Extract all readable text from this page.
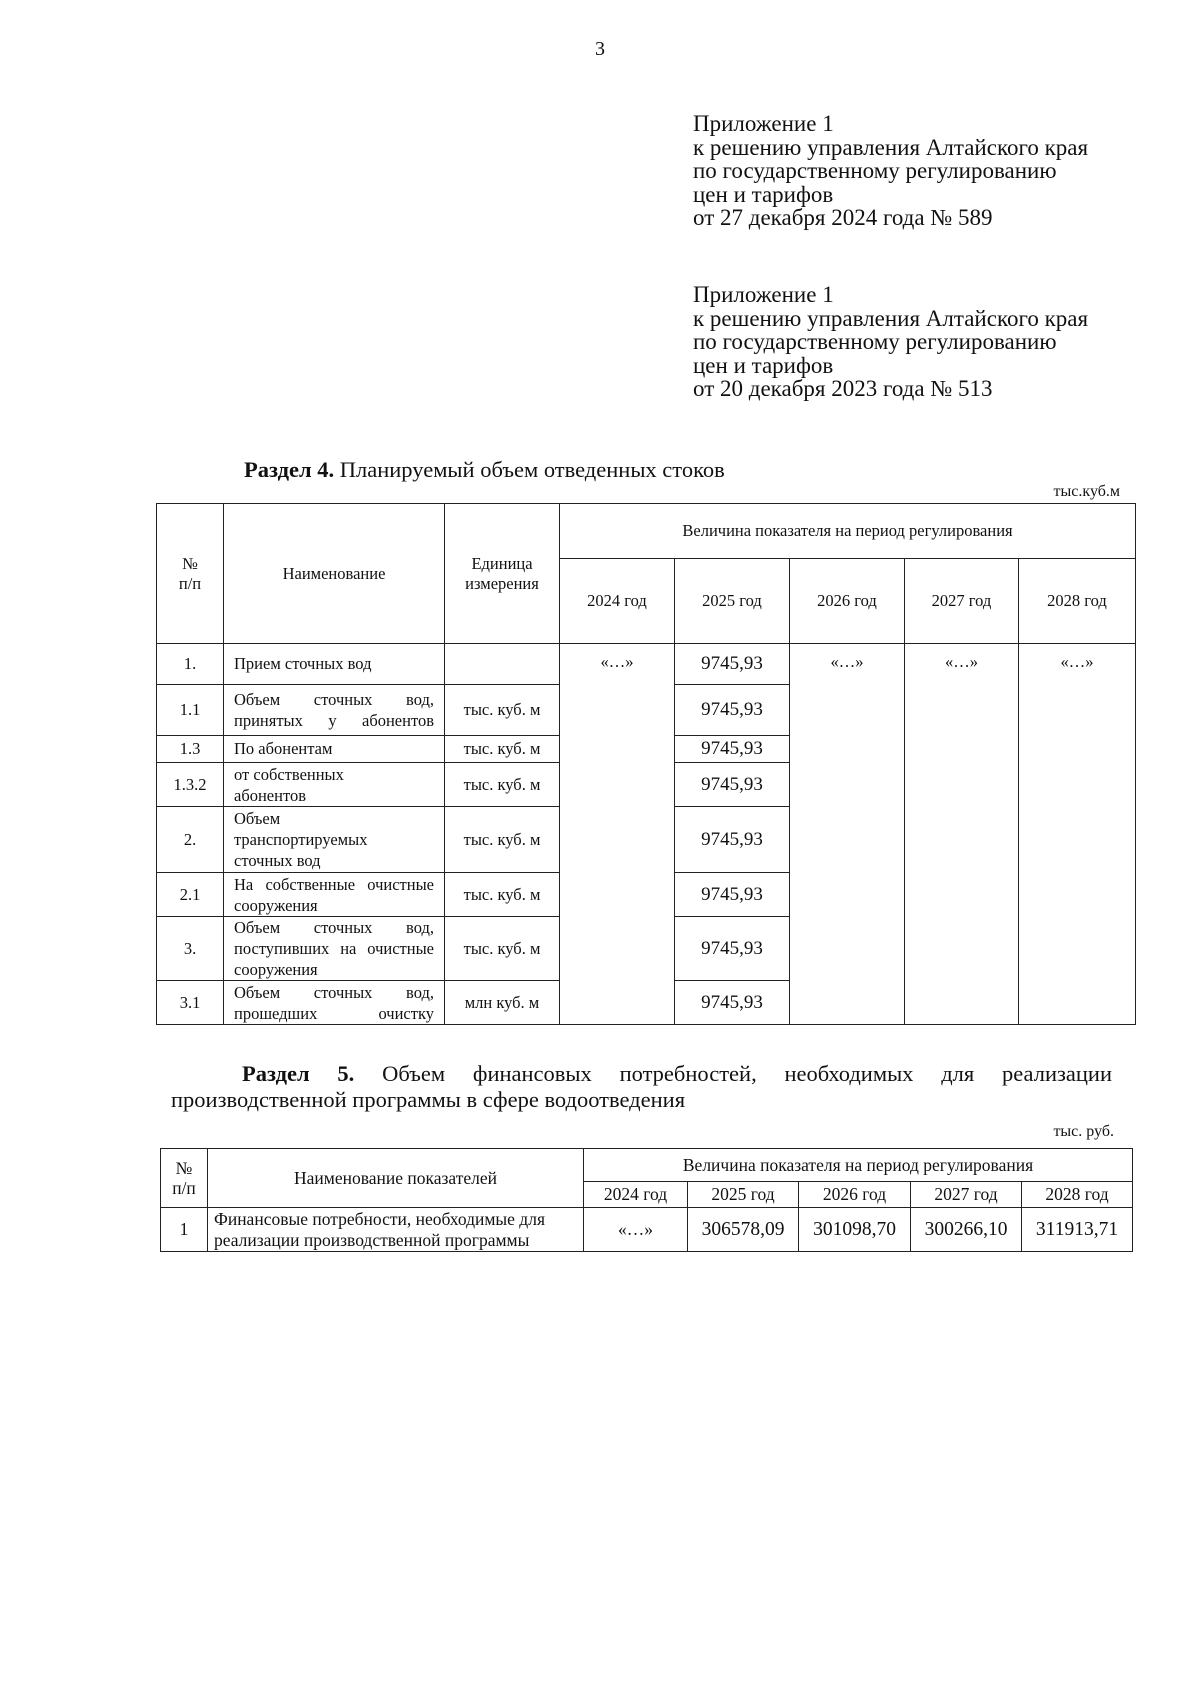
3
Приложение 1
к решению управления Алтайского края
по государственному регулированию
цен и тарифов
от 27 декабря 2024 года № 589
Приложение 1
к решению управления Алтайского края
по государственному регулированию
цен и тарифов
от 20 декабря 2023 года № 513
Раздел 4. Планируемый объем отведенных стоков
тыс.куб.м
№ п/п	Наименование	Единица измерения	Величина показателя на период регулирования				
			2024 год	2025 год	2026 год	2027 год	2028 год
1.	Прием сточных вод		«…»	9745,93	«…»	«…»	«…»
1.1	Объем сточных вод, принятых у абонентов	тыс. куб. м		9745,93			
1.3	По абонентам	тыс. куб. м		9745,93			
1.3.2	от собственных абонентов	тыс. куб. м		9745,93			
2.	Объем транспортируемых сточных вод	тыс. куб. м		9745,93			
2.1	На собственные очистные сооружения	тыс. куб. м		9745,93			
3.	Объем сточных вод, поступивших на очистные сооружения	тыс. куб. м		9745,93			
3.1	Объем сточных вод, прошедших очистку	млн куб. м		9745,93			
Раздел 5. Объем финансовых потребностей, необходимых для реализации
производственной программы в сфере водоотведения
тыс. руб.
№ п/п	Наименование показателей	Величина показателя на период регулирования				
		2024 год	2025 год	2026 год	2027 год	2028 год
1	Финансовые потребности, необходимые для реализации производственной программы	«…»	306578,09	301098,70	300266,10	311913,71
